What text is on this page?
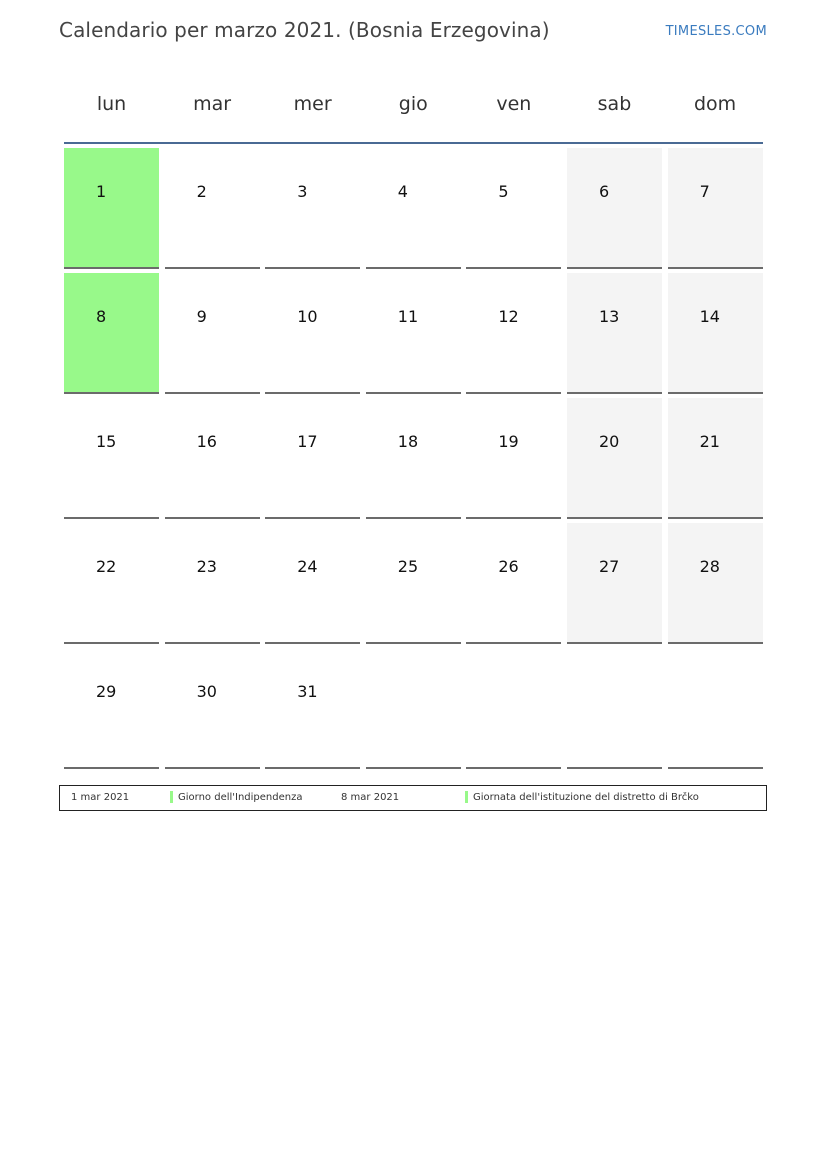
Calendario per marzo 2021. (Bosnia Erzegovina)	TIMESLES.COM
lun	mar	mer	gio	ven	sab	dom
1	2	3	4	5	6	7
8	9	10	11	12	13	14
15	16	17	18	19	20	21
22	23	24	25	26	27	28
29	30	31
1 mar 2021	Giorno dell'Indipendenza	8 mar 2021	Giornata dell'istituzione del distretto di Brčko
